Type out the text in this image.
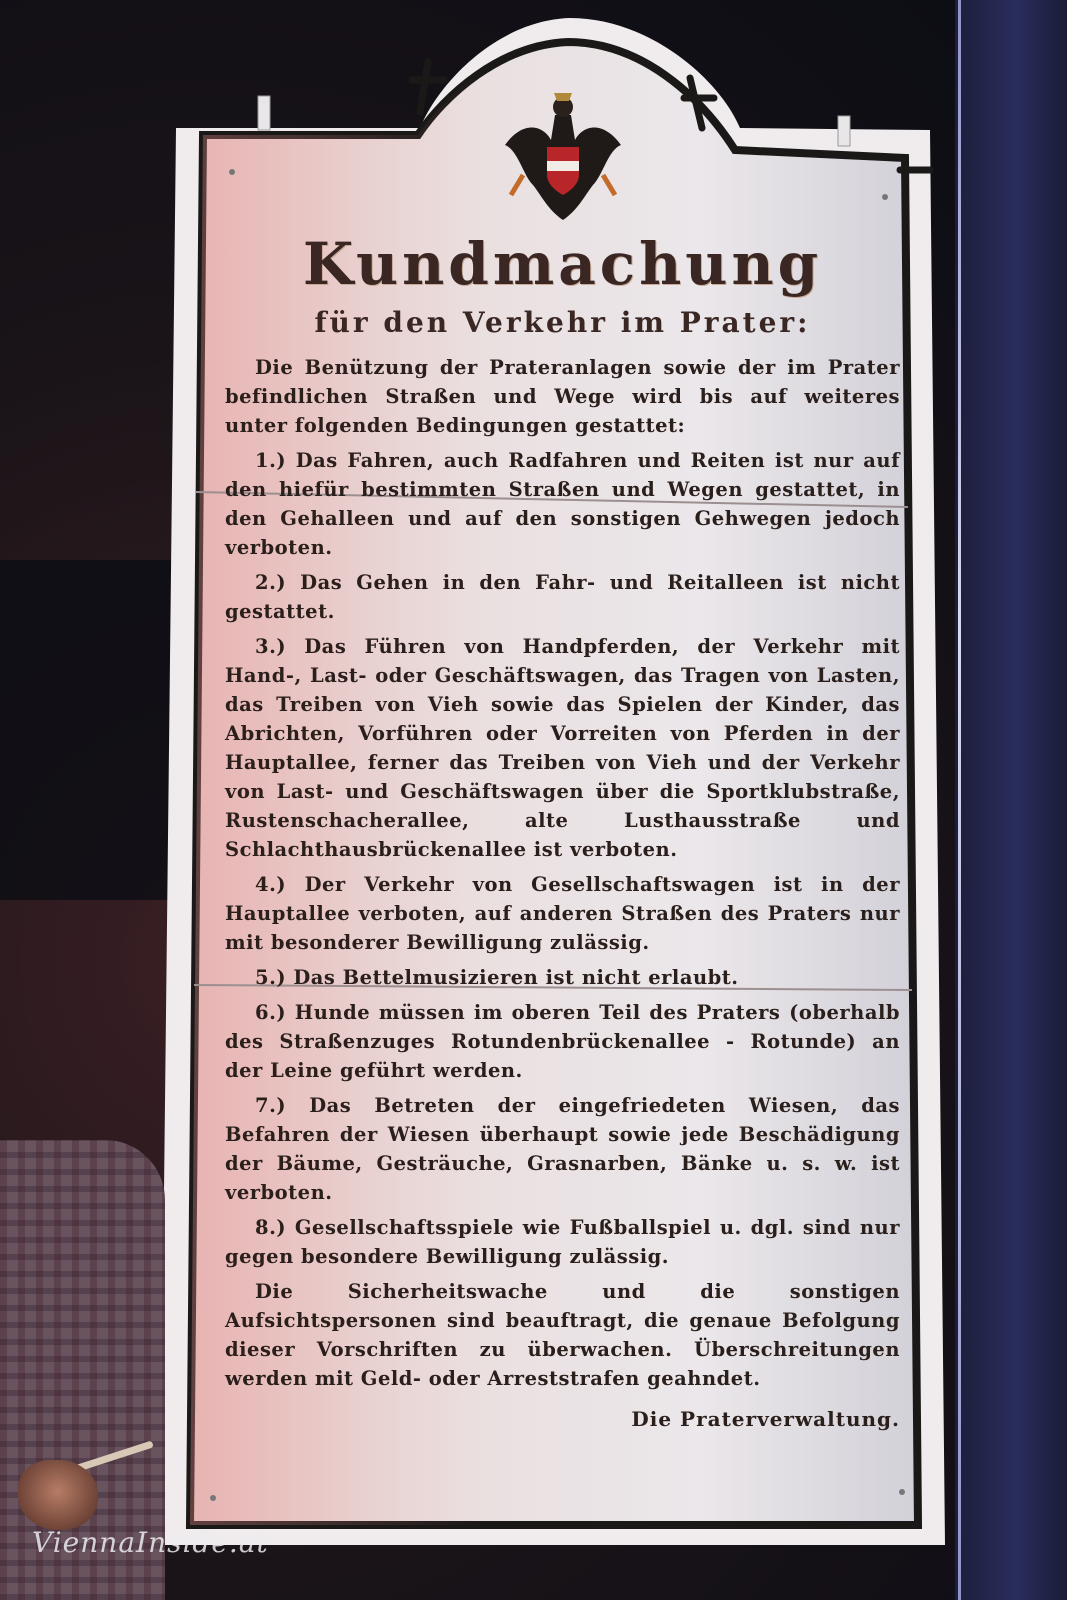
Kundmachung
für den Verkehr im Prater:

Die Benützung der Prateranlagen sowie der im Prater befindlichen Straßen und Wege wird bis auf weiteres unter folgenden Bedingungen gestattet:

1.) Das Fahren, auch Radfahren und Reiten ist nur auf den hiefür bestimmten Straßen und Wegen gestattet, in den Gehalleen und auf den sonstigen Gehwegen jedoch verboten.

2.) Das Gehen in den Fahr- und Reitalleen ist nicht gestattet.

3.) Das Führen von Handpferden, der Verkehr mit Hand-, Last- oder Geschäftswagen, das Tragen von Lasten, das Treiben von Vieh sowie das Spielen der Kinder, das Abrichten, Vorführen oder Vorreiten von Pferden in der Hauptallee, ferner das Treiben von Vieh und der Verkehr von Last- und Geschäftswagen über die Sportklubstraße, Rustenschacherallee, alte Lusthausstraße und Schlachthausbrückenallee ist verboten.

4.) Der Verkehr von Gesellschaftswagen ist in der Hauptallee verboten, auf anderen Straßen des Praters nur mit besonderer Bewilligung zulässig.

5.) Das Bettelmusizieren ist nicht erlaubt.

6.) Hunde müssen im oberen Teil des Praters (oberhalb des Straßenzuges Rotundenbrückenallee - Rotunde) an der Leine geführt werden.

7.) Das Betreten der eingefriedeten Wiesen, das Befahren der Wiesen überhaupt sowie jede Beschädigung der Bäume, Gesträuche, Grasnarben, Bänke u. s. w. ist verboten.

8.) Gesellschaftsspiele wie Fußballspiel u. dgl. sind nur gegen besondere Bewilligung zulässig.

Die Sicherheitswache und die sonstigen Aufsichtspersonen sind beauftragt, die genaue Befolgung dieser Vorschriften zu überwachen. Überschreitungen werden mit Geld- oder Arreststrafen geahndet.

Die Praterverwaltung.
ViennaInside.at
